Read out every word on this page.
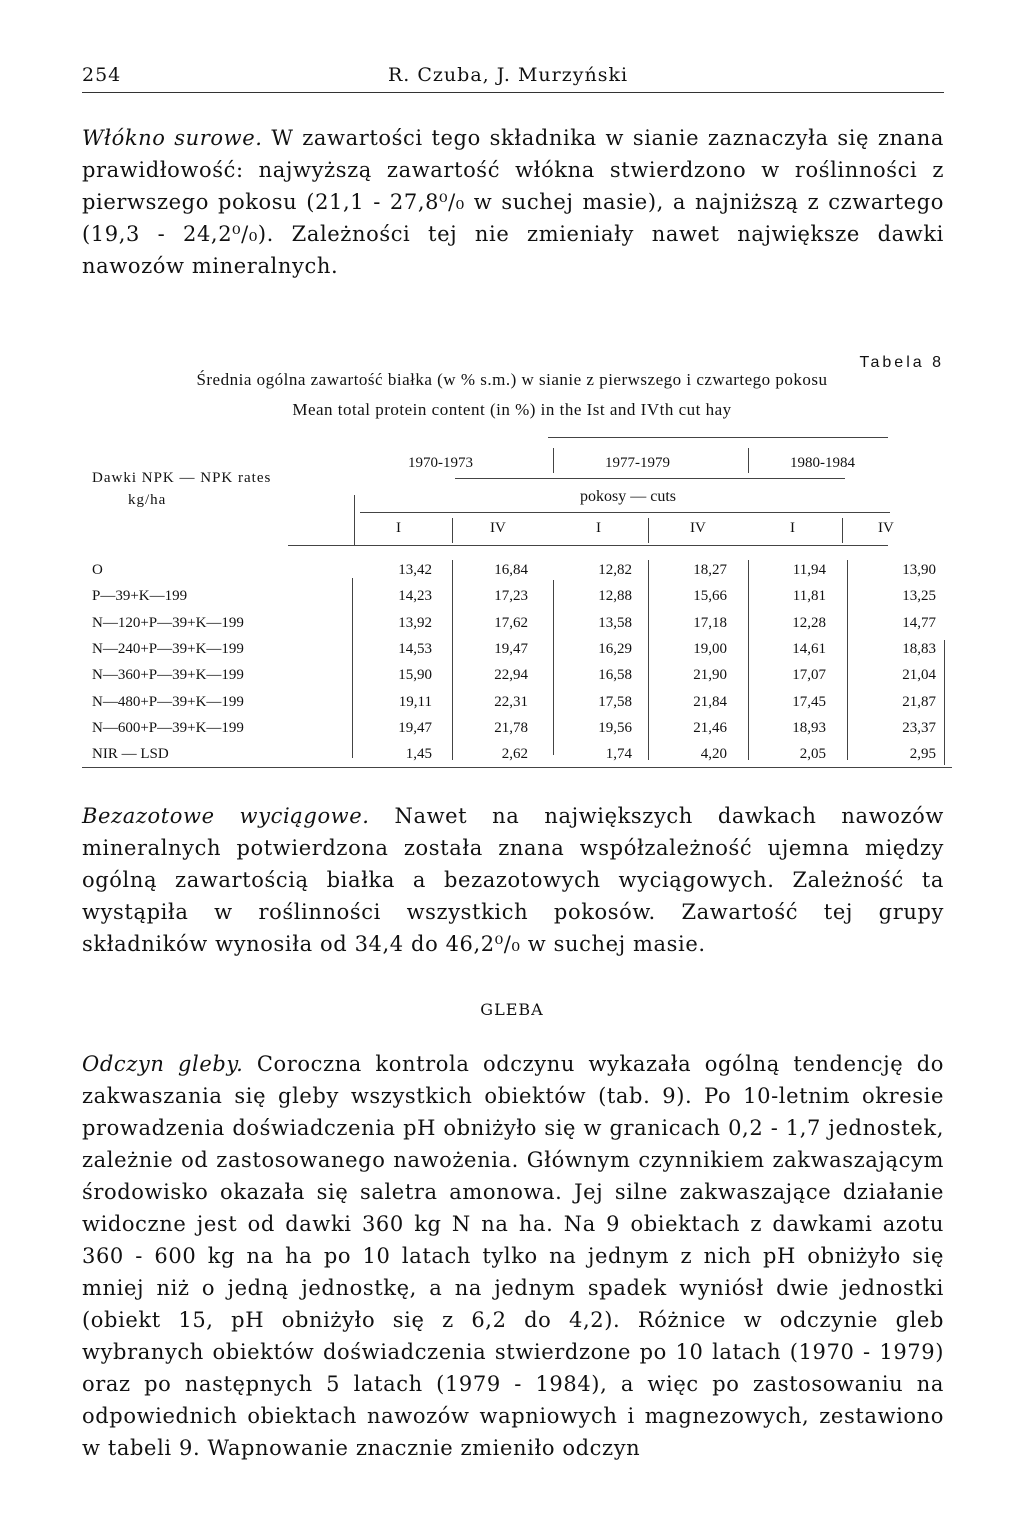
254	R. Czuba, J. Murzyński

Włókno surowe. W zawartości tego składnika w sianie zaznaczyła się znana prawidłowość: najwyższą zawartość włókna stwierdzono w roślinności z pierwszego pokosu (21,1 - 27,8⁰/₀ w suchej masie), a najniższą z czwartego (19,3 - 24,2⁰/₀). Zależności tej nie zmieniały nawet największe dawki nawozów mineralnych.

Tabela 8
Średnia ogólna zawartość białka (w % s.m.) w sianie z pierwszego i czwartego pokosu
Mean total protein content (in %) in the Ist and IVth cut hay
Dawki NPK — NPK rates
kg/ha
1970-1973	1977-1979	1980-1984
pokosy — cuts
I	IV	I	IV	I	IV
O	13,42	16,84	12,82	18,27	11,94	13,90
P—39+K—199	14,23	17,23	12,88	15,66	11,81	13,25
N—120+P—39+K—199	13,92	17,62	13,58	17,18	12,28	14,77
N—240+P—39+K—199	14,53	19,47	16,29	19,00	14,61	18,83
N—360+P—39+K—199	15,90	22,94	16,58	21,90	17,07	21,04
N—480+P—39+K—199	19,11	22,31	17,58	21,84	17,45	21,87
N—600+P—39+K—199	19,47	21,78	19,56	21,46	18,93	23,37
NIR — LSD	1,45	2,62	1,74	4,20	2,05	2,95

Bezazotowe wyciągowe. Nawet na największych dawkach nawozów mineralnych potwierdzona została znana współzależność ujemna między ogólną zawartością białka a bezazotowych wyciągowych. Zależność ta wystąpiła w roślinności wszystkich pokosów. Zawartość tej grupy składników wynosiła od 34,4 do 46,2⁰/₀ w suchej masie.

GLEBA

Odczyn gleby. Coroczna kontrola odczynu wykazała ogólną tendencję do zakwaszania się gleby wszystkich obiektów (tab. 9). Po 10-letnim okresie prowadzenia doświadczenia pH obniżyło się w granicach 0,2 - 1,7 jednostek, zależnie od zastosowanego nawożenia. Głównym czynnikiem zakwaszającym środowisko okazała się saletra amonowa. Jej silne zakwaszające działanie widoczne jest od dawki 360 kg N na ha. Na 9 obiektach z dawkami azotu 360 - 600 kg na ha po 10 latach tylko na jednym z nich pH obniżyło się mniej niż o jedną jednostkę, a na jednym spadek wyniósł dwie jednostki (obiekt 15, pH obniżyło się z 6,2 do 4,2). Różnice w odczynie gleb wybranych obiektów doświadczenia stwierdzone po 10 latach (1970 - 1979) oraz po następnych 5 latach (1979 - 1984), a więc po zastosowaniu na odpowiednich obiektach nawozów wapniowych i magnezowych, zestawiono w tabeli 9. Wapnowanie znacznie zmieniło odczyn
